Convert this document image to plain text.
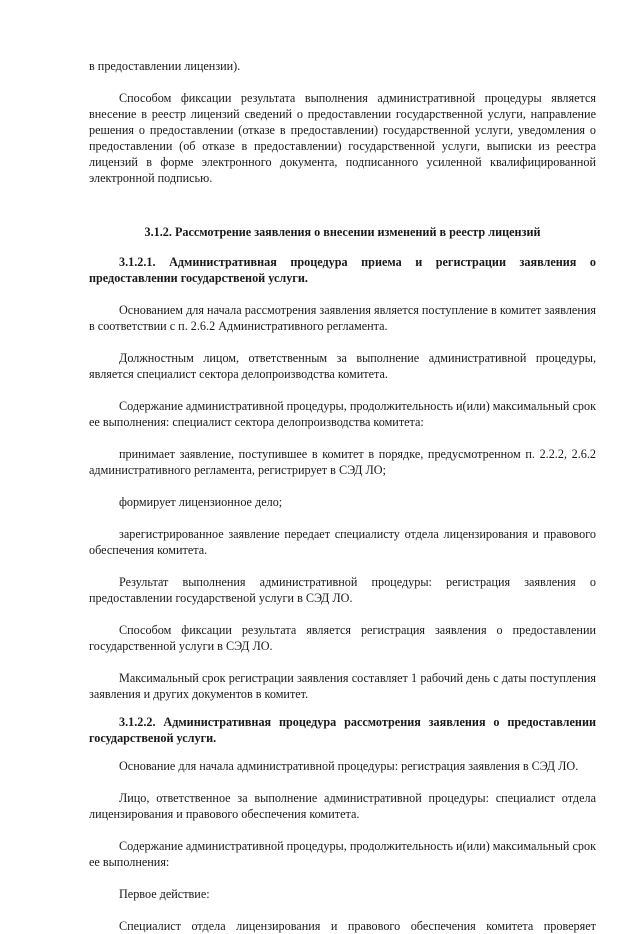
в предоставлении лицензии).

Способом фиксации результата выполнения административной процедуры является внесение в реестр лицензий сведений о предоставлении государственной услуги, направление решения о предоставлении (отказе в предоставлении) государственной услуги, уведомления о предоставлении (об отказе в предоставлении) государственной услуги, выписки из реестра лицензий в форме электронного документа, подписанного усиленной квалифицированной электронной подписью.

3.1.2. Рассмотрение заявления о внесении изменений в реестр лицензий

3.1.2.1. Административная процедура приема и регистрации заявления о предоставлении государственой услуги.

Основанием для начала рассмотрения заявления является поступление в комитет заявления в соответствии с п. 2.6.2 Административного регламента.

Должностным лицом, ответственным за выполнение административной процедуры, является специалист сектора делопроизводства комитета.

Содержание административной процедуры, продолжительность и(или) максимальный срок ее выполнения: специалист сектора делопроизводства комитета:

принимает заявление, поступившее в комитет в порядке, предусмотренном п. 2.2.2, 2.6.2 административного регламента, регистрирует в СЭД ЛО;

формирует лицензионное дело;

зарегистрированное заявление передает специалисту отдела лицензирования и правового обеспечения комитета.

Результат выполнения административной процедуры: регистрация заявления о предоставлении государственой услуги в СЭД ЛО.

Способом фиксации результата является регистрация заявления о предоставлении государственной услуги в СЭД ЛО.

Максимальный срок регистрации заявления составляет 1 рабочий день с даты поступления заявления и других документов в комитет.

3.1.2.2. Административная процедура рассмотрения заявления о предоставлении государственой услуги.

Основание для начала административной процедуры: регистрация заявления в СЭД ЛО.

Лицо, ответственное за выполнение административной процедуры: специалист отдела лицензирования и правового обеспечения комитета.

Содержание административной процедуры, продолжительность и(или) максимальный срок ее выполнения:

Первое действие:

Специалист отдела лицензирования и правового обеспечения комитета проверяет
